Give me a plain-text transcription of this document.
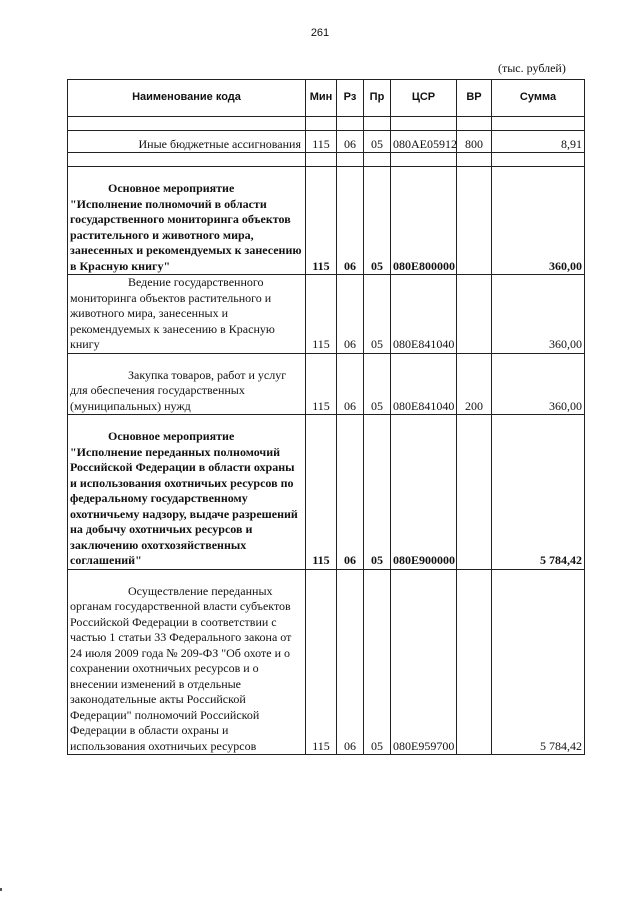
261
(тыс. рублей)
Наименование кода	Мин	Рз	Пр	ЦСР	ВР	Сумма

Иные бюджетные ассигнования	115	06	05	080АЕ05912	800	8,91

Основное мероприятие "Исполнение полномочий в области государственного мониторинга объектов растительного и животного мира, занесенных и рекомендуемых к занесению в Красную книгу"	115	06	05	080Е800000		360,00
Ведение государственного мониторинга объектов растительного и животного мира, занесенных и рекомендуемых к занесению в Красную книгу	115	06	05	080Е841040		360,00

Закупка товаров, работ и услуг для обеспечения государственных (муниципальных) нужд	115	06	05	080Е841040	200	360,00

Основное мероприятие "Исполнение переданных полномочий Российской Федерации в области охраны и использования охотничьих ресурсов по федеральному государственному охотничьему надзору, выдаче разрешений на добычу охотничьих ресурсов и заключению охотхозяйственных соглашений"	115	06	05	080Е900000		5 784,42

Осуществление переданных органам государственной власти субъектов Российской Федерации в соответствии с частью 1 статьи 33 Федерального закона от 24 июля 2009 года № 209-ФЗ "Об охоте и о сохранении охотничьих ресурсов и о внесении изменений в отдельные законодательные акты Российской Федерации" полномочий Российской Федерации в области охраны и использования охотничьих ресурсов	115	06	05	080Е959700		5 784,42
